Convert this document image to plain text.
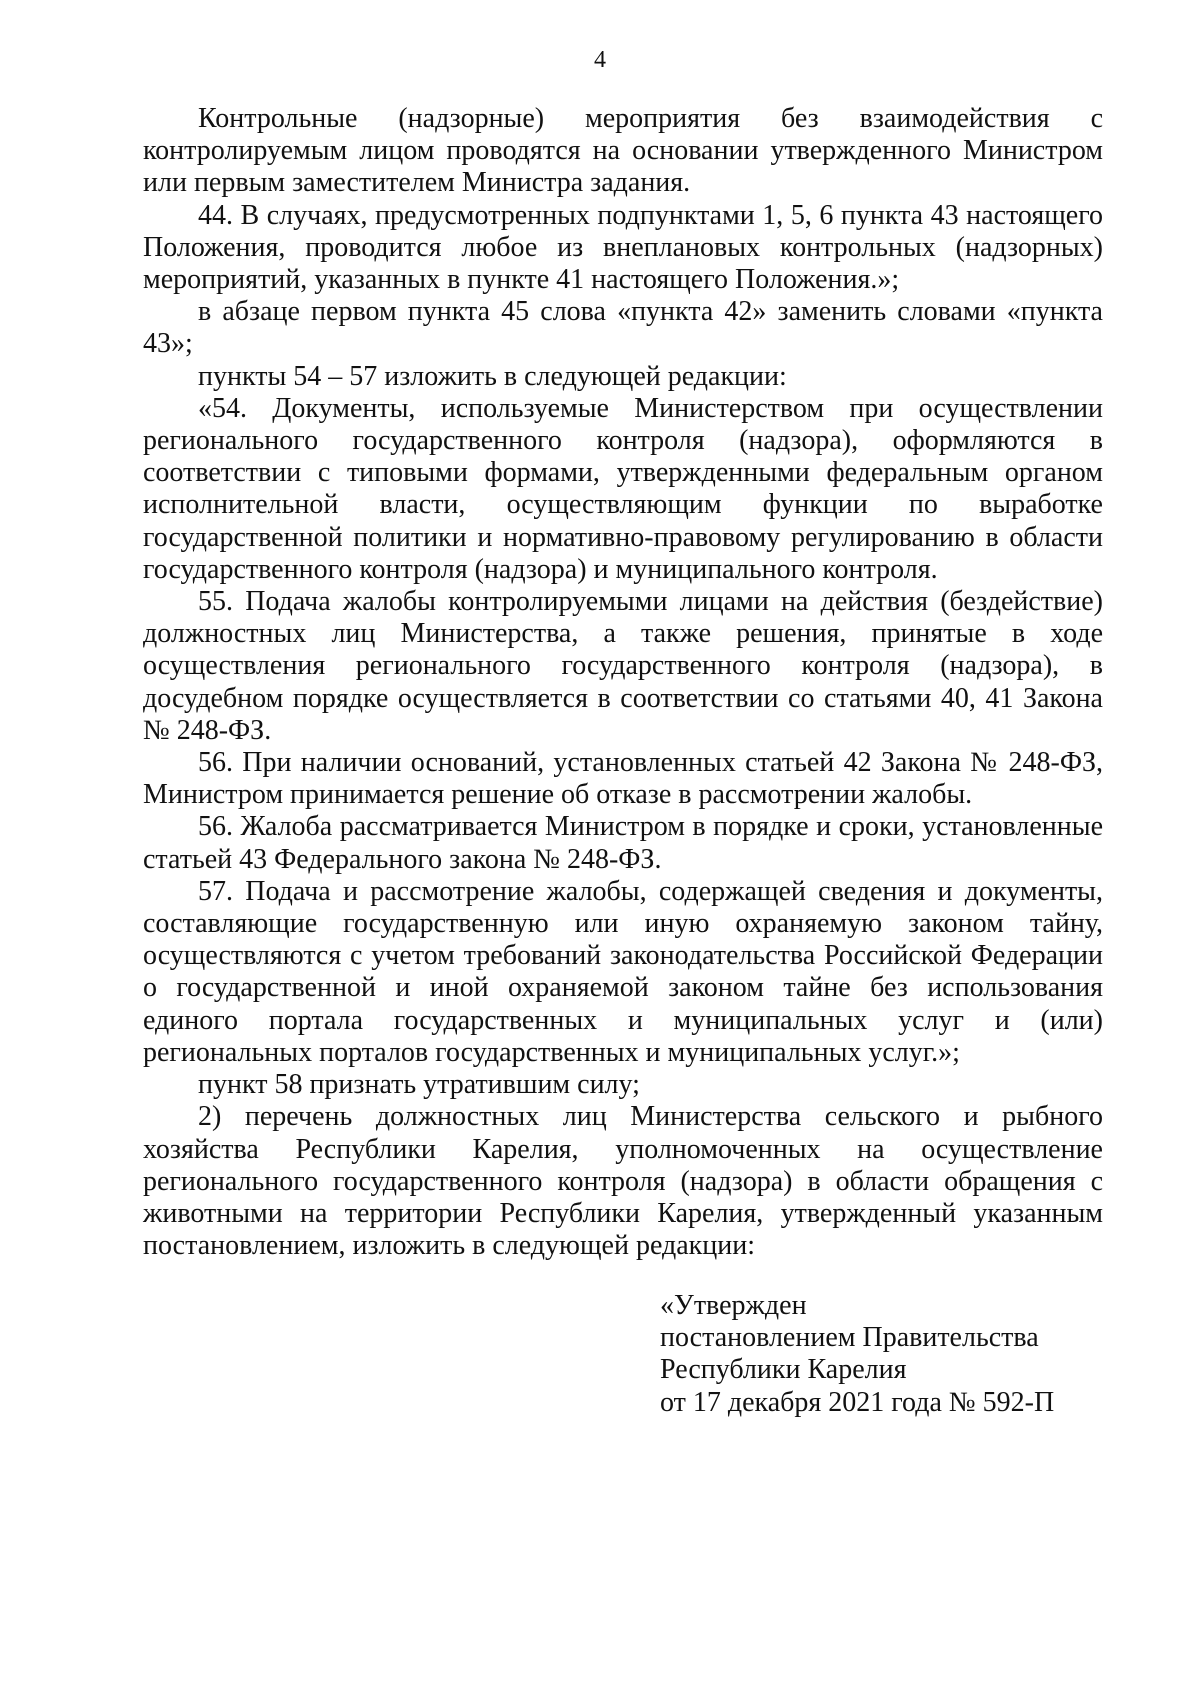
4

Контрольные (надзорные) мероприятия без взаимодействия с контролируемым лицом проводятся на основании утвержденного Министром или первым заместителем Министра задания.

44. В случаях, предусмотренных подпунктами 1, 5, 6 пункта 43 настоящего Положения, проводится любое из внеплановых контрольных (надзорных) мероприятий, указанных в пункте 41 настоящего Положения.»;

в абзаце первом пункта 45 слова «пункта 42» заменить словами «пункта 43»;

пункты 54 – 57 изложить в следующей редакции:

«54. Документы, используемые Министерством при осуществлении регионального государственного контроля (надзора), оформляются в соответствии с типовыми формами, утвержденными федеральным органом исполнительной власти, осуществляющим функции по выработке государственной политики и нормативно-правовому регулированию в области государственного контроля (надзора) и муниципального контроля.

55. Подача жалобы контролируемыми лицами на действия (бездействие) должностных лиц Министерства, а также решения, принятые в ходе осуществления регионального государственного контроля (надзора), в досудебном порядке осуществляется в соответствии со статьями 40, 41 Закона № 248-ФЗ.

56. При наличии оснований, установленных статьей 42 Закона № 248-ФЗ, Министром принимается решение об отказе в рассмотрении жалобы.

56. Жалоба рассматривается Министром в порядке и сроки, установленные статьей 43 Федерального закона № 248-ФЗ.

57. Подача и рассмотрение жалобы, содержащей сведения и документы, составляющие государственную или иную охраняемую законом тайну, осуществляются с учетом требований законодательства Российской Федерации о государственной и иной охраняемой законом тайне без использования единого портала государственных и муниципальных услуг и (или) региональных порталов государственных и муниципальных услуг.»;

пункт 58 признать утратившим силу;

2) перечень должностных лиц Министерства сельского и рыбного хозяйства Республики Карелия, уполномоченных на осуществление регионального государственного контроля (надзора) в области обращения с животными на территории Республики Карелия, утвержденный указанным постановлением, изложить в следующей редакции:

«Утвержден
постановлением Правительства
Республики Карелия
от 17 декабря 2021 года № 592-П
